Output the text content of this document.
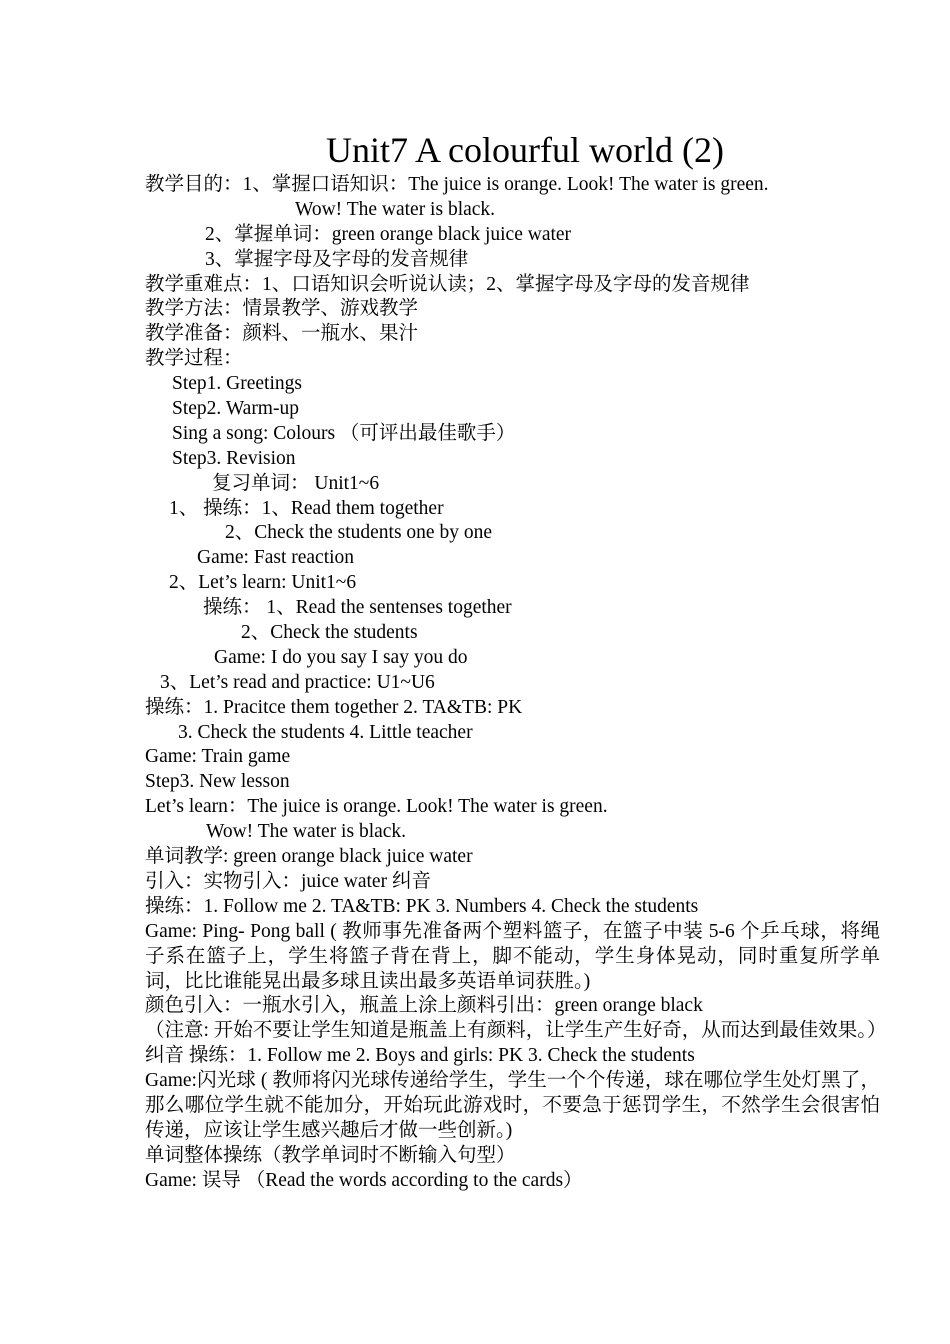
Unit7 A colourful world (2)
教学目的：1、掌握口语知识：The juice is orange. Look! The water is green.
Wow! The water is black.
2、掌握单词：green orange black juice water
3、掌握字母及字母的发音规律
教学重难点：1、口语知识会听说认读；2、掌握字母及字母的发音规律
教学方法：情景教学、游戏教学
教学准备：颜料、一瓶水、果汁
教学过程：
Step1. Greetings
Step2. Warm-up
Sing a song: Colours （可评出最佳歌手）
Step3. Revision
复习单词： Unit1~6
1、 操练：1、Read them together
2、Check the students one by one
Game: Fast reaction
2、Let’s learn: Unit1~6
操练： 1、Read the sentenses together
2、Check the students
Game: I do you say I say you do
3、Let’s read and practice: U1~U6
操练：1. Pracitce them together 2. TA&TB: PK
3. Check the students 4. Little teacher
Game: Train game
Step3. New lesson
Let’s learn：The juice is orange. Look! The water is green.
Wow! The water is black.
单词教学: green orange black juice water
引入：实物引入：juice water 纠音
操练：1. Follow me 2. TA&TB: PK 3. Numbers 4. Check the students
Game: Ping- Pong ball ( 教师事先准备两个塑料篮子，在篮子中装 5-6 个乒乓球，将绳子系在篮子上，学生将篮子背在背上，脚不能动，学生身体晃动，同时重复所学单词，比比谁能晃出最多球且读出最多英语单词获胜。)
颜色引入：一瓶水引入，瓶盖上涂上颜料引出：green orange black
（注意: 开始不要让学生知道是瓶盖上有颜料，让学生产生好奇，从而达到最佳效果。）
纠音 操练：1. Follow me 2. Boys and girls: PK 3. Check the students
Game:闪光球 ( 教师将闪光球传递给学生，学生一个个传递，球在哪位学生处灯黑了，那么哪位学生就不能加分，开始玩此游戏时，不要急于惩罚学生，不然学生会很害怕传递，应该让学生感兴趣后才做一些创新。)
单词整体操练（教学单词时不断输入句型）
Game: 误导 （Read the words according to the cards）
